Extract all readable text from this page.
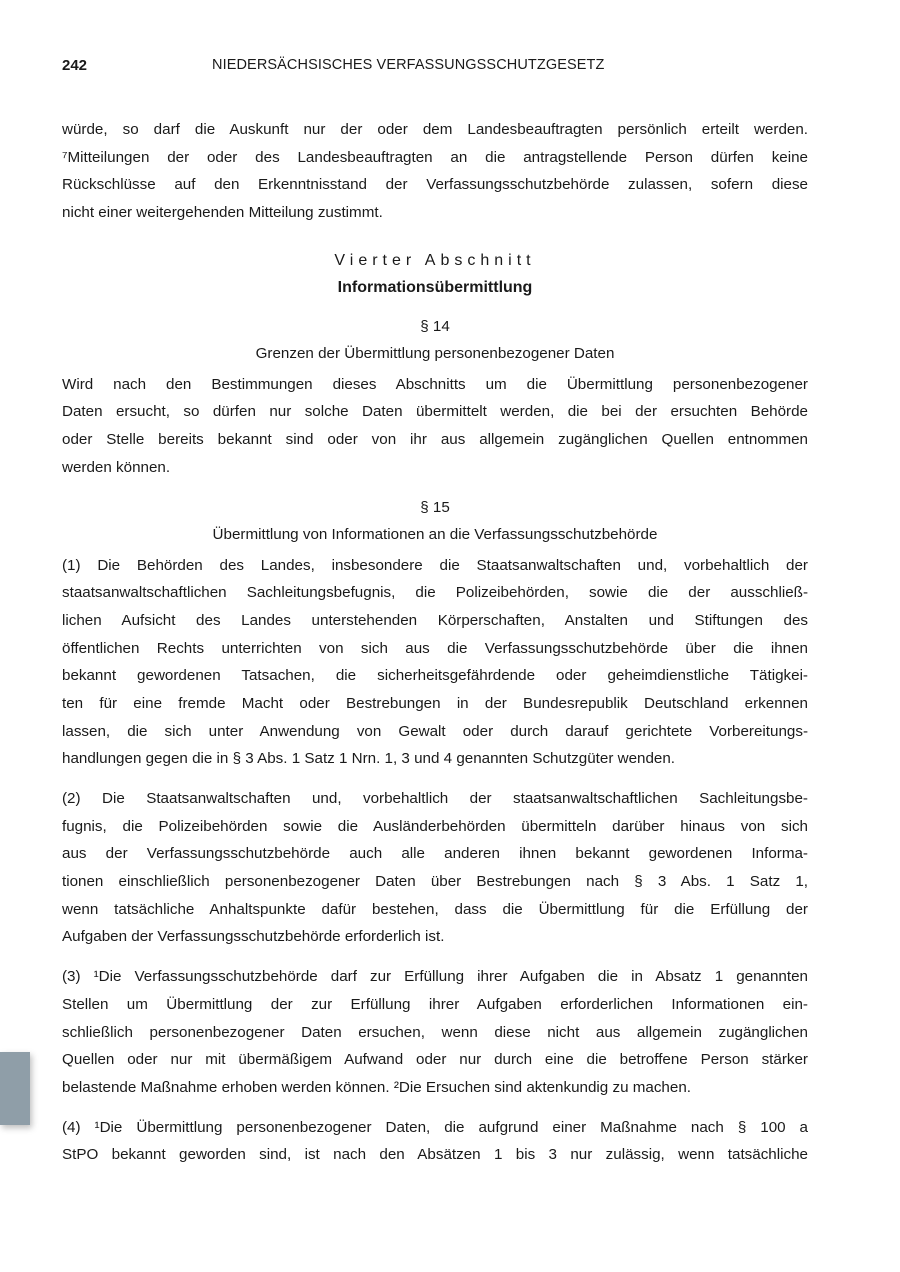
242	NIEDERSÄCHSISCHES VERFASSUNGSSCHUTZGESETZ
würde, so darf die Auskunft nur der oder dem Landesbeauftragten persönlich erteilt werden.
⁷Mitteilungen der oder des Landesbeauftragten an die antragstellende Person dürfen keine
Rückschlüsse auf den Erkenntnisstand der Verfassungsschutzbehörde zulassen, sofern diese
nicht einer weitergehenden Mitteilung zustimmt.
Vierter Abschnitt
Informationsübermittlung
§ 14
Grenzen der Übermittlung personenbezogener Daten
Wird nach den Bestimmungen dieses Abschnitts um die Übermittlung personenbezogener
Daten ersucht, so dürfen nur solche Daten übermittelt werden, die bei der ersuchten Behörde
oder Stelle bereits bekannt sind oder von ihr aus allgemein zugänglichen Quellen entnommen
werden können.
§ 15
Übermittlung von Informationen an die Verfassungsschutzbehörde
(1) Die Behörden des Landes, insbesondere die Staatsanwaltschaften und, vorbehaltlich der
staatsanwaltschaftlichen Sachleitungsbefugnis, die Polizeibehörden, sowie die der ausschließ-
lichen Aufsicht des Landes unterstehenden Körperschaften, Anstalten und Stiftungen des
öffentlichen Rechts unterrichten von sich aus die Verfassungsschutzbehörde über die ihnen
bekannt gewordenen Tatsachen, die sicherheitsgefährdende oder geheimdienstliche Tätigkei-
ten für eine fremde Macht oder Bestrebungen in der Bundesrepublik Deutschland erkennen
lassen, die sich unter Anwendung von Gewalt oder durch darauf gerichtete Vorbereitungs-
handlungen gegen die in § 3 Abs. 1 Satz 1 Nrn. 1, 3 und 4 genannten Schutzgüter wenden.
(2) Die Staatsanwaltschaften und, vorbehaltlich der staatsanwaltschaftlichen Sachleitungsbe-
fugnis, die Polizeibehörden sowie die Ausländerbehörden übermitteln darüber hinaus von sich
aus der Verfassungsschutzbehörde auch alle anderen ihnen bekannt gewordenen Informa-
tionen einschließlich personenbezogener Daten über Bestrebungen nach § 3 Abs. 1 Satz 1,
wenn tatsächliche Anhaltspunkte dafür bestehen, dass die Übermittlung für die Erfüllung der
Aufgaben der Verfassungsschutzbehörde erforderlich ist.
(3) ¹Die Verfassungsschutzbehörde darf zur Erfüllung ihrer Aufgaben die in Absatz 1 genannten
Stellen um Übermittlung der zur Erfüllung ihrer Aufgaben erforderlichen Informationen ein-
schließlich personenbezogener Daten ersuchen, wenn diese nicht aus allgemein zugänglichen
Quellen oder nur mit übermäßigem Aufwand oder nur durch eine die betroffene Person stärker
belastende Maßnahme erhoben werden können. ²Die Ersuchen sind aktenkundig zu machen.
(4) ¹Die Übermittlung personenbezogener Daten, die aufgrund einer Maßnahme nach § 100 a
StPO bekannt geworden sind, ist nach den Absätzen 1 bis 3 nur zulässig, wenn tatsächliche
